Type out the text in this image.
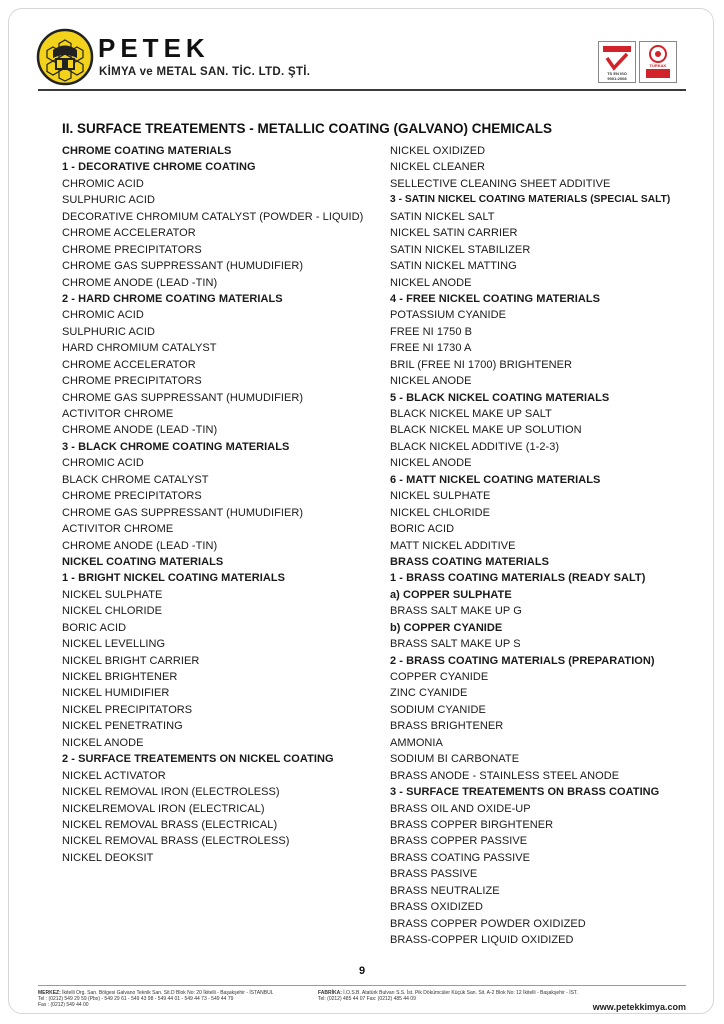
PETEK
KİMYA ve METAL SAN. TİC. LTD. ŞTİ.	TS EN ISO 9001:2008
TÜRKAK
II. SURFACE TREATEMENTS - METALLIC COATING (GALVANO) CHEMICALS
CHROME COATING MATERIALS
1 - DECORATIVE CHROME COATING
CHROMIC ACID
SULPHURIC ACID
DECORATIVE CHROMIUM CATALYST (POWDER - LIQUID)
CHROME ACCELERATOR
CHROME PRECIPITATORS
CHROME GAS SUPPRESSANT (HUMUDIFIER)
CHROME ANODE (LEAD -TIN)
2 - HARD CHROME COATING MATERIALS
CHROMIC ACID
SULPHURIC ACID
HARD CHROMIUM CATALYST
CHROME ACCELERATOR
CHROME PRECIPITATORS
CHROME GAS SUPPRESSANT (HUMUDIFIER)
ACTIVITOR CHROME
CHROME ANODE (LEAD -TIN)
3 - BLACK CHROME COATING MATERIALS
CHROMIC ACID
BLACK CHROME CATALYST
CHROME PRECIPITATORS
CHROME GAS SUPPRESSANT (HUMUDIFIER)
ACTIVITOR CHROME
CHROME ANODE (LEAD -TIN)
NICKEL COATING MATERIALS
1 - BRIGHT NICKEL COATING MATERIALS
NICKEL SULPHATE
NICKEL CHLORIDE
BORIC ACID
NICKEL LEVELLING
NICKEL BRIGHT CARRIER
NICKEL BRIGHTENER
NICKEL HUMIDIFIER
NICKEL PRECIPITATORS
NICKEL PENETRATING
NICKEL ANODE
2 - SURFACE TREATEMENTS ON NICKEL COATING
NICKEL ACTIVATOR
NICKEL REMOVAL IRON (ELECTROLESS)
NICKELREMOVAL IRON (ELECTRICAL)
NICKEL REMOVAL BRASS (ELECTRICAL)
NICKEL REMOVAL BRASS (ELECTROLESS)
NICKEL DEOKSIT
NICKEL OXIDIZED
NICKEL CLEANER
SELLECTIVE CLEANING SHEET ADDITIVE
3 - SATIN NICKEL COATING MATERIALS (SPECIAL SALT)
SATIN NICKEL SALT
NICKEL SATIN CARRIER
SATIN NICKEL STABILIZER
SATIN NICKEL MATTING
NICKEL ANODE
4 - FREE NICKEL COATING MATERIALS
POTASSIUM CYANIDE
FREE NI 1750 B
FREE NI 1730 A
BRIL (FREE NI 1700) BRIGHTENER
NICKEL ANODE
5 - BLACK NICKEL COATING MATERIALS
BLACK NICKEL MAKE UP SALT
BLACK NICKEL MAKE UP SOLUTION
BLACK NICKEL ADDITIVE (1-2-3)
NICKEL ANODE
6 - MATT NICKEL COATING MATERIALS
NICKEL SULPHATE
NICKEL CHLORIDE
BORIC ACID
MATT NICKEL ADDITIVE
BRASS COATING MATERIALS
1 - BRASS COATING MATERIALS (READY SALT)
a) COPPER SULPHATE
BRASS SALT MAKE UP G
b) COPPER CYANIDE
BRASS SALT MAKE UP S
2 - BRASS COATING MATERIALS (PREPARATION)
COPPER CYANIDE
ZINC CYANIDE
SODIUM CYANIDE
BRASS BRIGHTENER
AMMONIA
SODIUM BI CARBONATE
BRASS ANODE - STAINLESS STEEL ANODE
3 - SURFACE TREATEMENTS ON BRASS COATING
BRASS OIL AND OXIDE-UP
BRASS COPPER BIRGHTENER
BRASS COPPER PASSIVE
BRASS COATING PASSIVE
BRASS PASSIVE
BRASS NEUTRALIZE
BRASS OXIDIZED
BRASS COPPER POWDER OXIDIZED
BRASS-COPPER LIQUID OXIDIZED
9
MERKEZ: İkitelli Org. San. Bölgesi Galvano Teknik San. Sit.D Blok No: 20 İkitelli - Başakşehir - İSTANBUL
Tel : (0212) 549 29 59 (Pbx) - 549 29 61 - 549 43 98 - 549 44 01 - 549 44 73 - 549 44 79
Fax : (0212) 549 44 00
FABRİKA: İ.O.S.B. Atatürk Bulvarı S.S. İst. Pik Dökümcüler Küçük San. Sit. A-2 Blok No: 12 İkitelli - Başakşehir - İST.
Tel: (0212) 485 44 07 Fax: (0212) 485 44 09
www.petekkimya.com
